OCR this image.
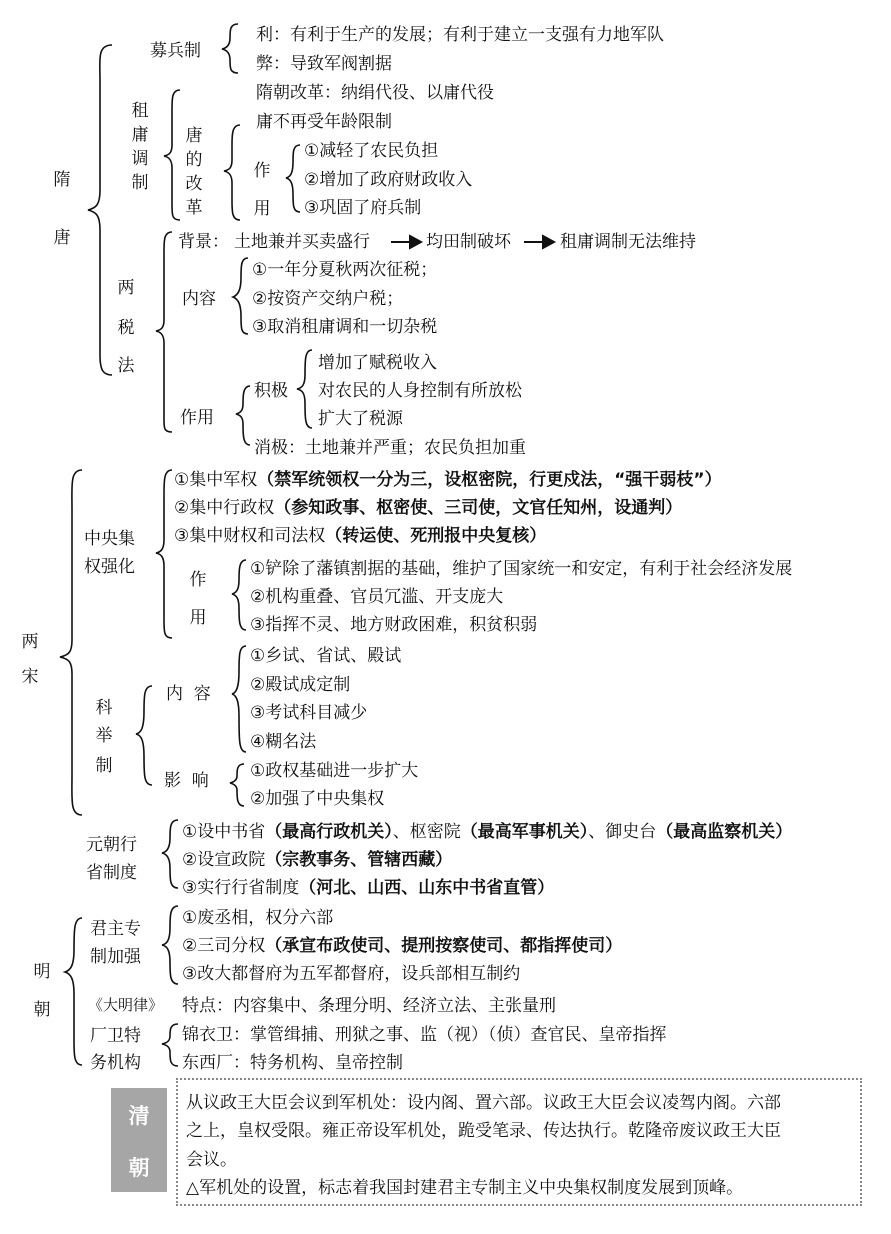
隋
唐
募兵制
利：有利于生产的发展；有利于建立一支强有力地军队
弊：导致军阀割据
租
庸
调
制
隋朝改革：纳绢代役、以庸代役
庸不再受年龄限制
唐
的
改
革
作
用
①减轻了农民负担
②增加了政府财政收入
③巩固了府兵制
两
税
法
背景： 土地兼并买卖盛行	均田制破坏	租庸调制无法维持
内容
①一年分夏秋两次征税；
②按资产交纳户税；
③取消租庸调和一切杂税
作用
积极
增加了赋税收入
对农民的人身控制有所放松
扩大了税源
消极：土地兼并严重；农民负担加重
两
宋
中央集
权强化
①集中军权（禁军统领权一分为三，设枢密院，行更戍法，“强干弱枝”）
②集中行政权（参知政事、枢密使、三司使，文官任知州，设通判）
③集中财权和司法权（转运使、死刑报中央复核）
作
用
①铲除了藩镇割据的基础，维护了国家统一和安定，有利于社会经济发展
②机构重叠、官员冗滥、开支庞大
③指挥不灵、地方财政困难，积贫积弱
科
举
制
内  容
①乡试、省试、殿试
②殿试成定制
③考试科目减少
④糊名法
影  响 ①政权基础进一步扩大
②加强了中央集权
元朝行
省制度
①设中书省（最高行政机关）、枢密院（最高军事机关）、御史台（最高监察机关）
②设宣政院（宗教事务、管辖西藏）
③实行行省制度（河北、山西、山东中书省直管）
明
朝
君主专
制加强
①废丞相，权分六部
②三司分权（承宣布政使司、提刑按察使司、都指挥使司）
③改大都督府为五军都督府，设兵部相互制约
《大明律》 特点：内容集中、条理分明、经济立法、主张量刑
厂卫特
务机构
锦衣卫：掌管缉捕、刑狱之事、监（视）（侦）查官民、皇帝指挥
东西厂：特务机构、皇帝控制
清
朝
从议政王大臣会议到军机处：设内阁、置六部。议政王大臣会议凌驾内阁。六部
之上，皇权受限。雍正帝设军机处，跪受笔录、传达执行。乾隆帝废议政王大臣
会议。
△军机处的设置，标志着我国封建君主专制主义中央集权制度发展到顶峰。
